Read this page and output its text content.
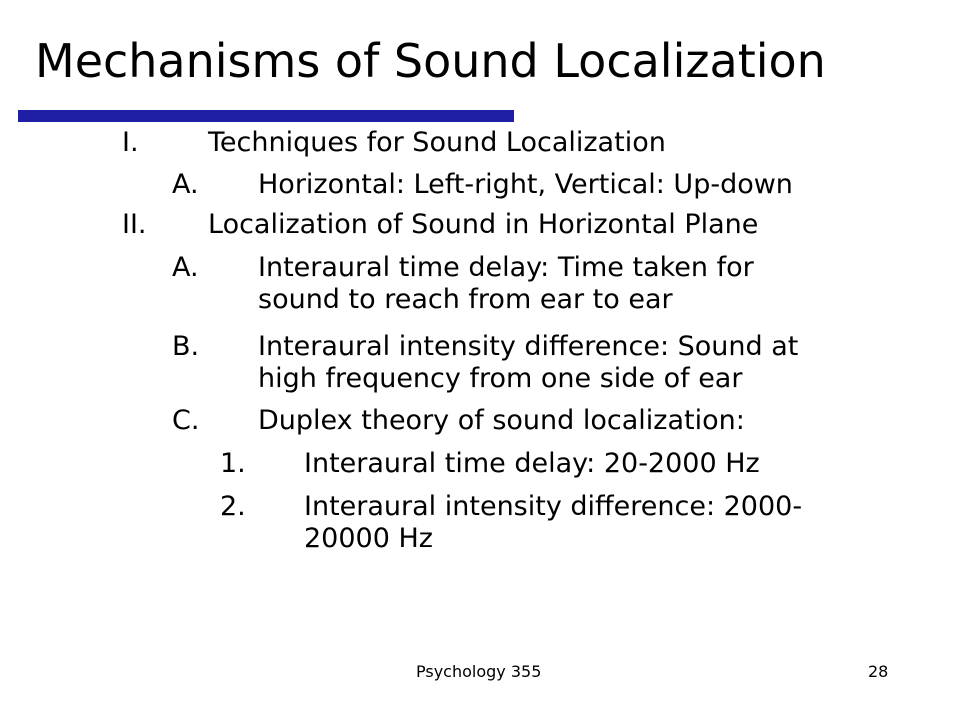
Mechanisms of Sound Localization
I.	Techniques for Sound Localization
A. Horizontal: Left-right, Vertical: Up-down
II. Localization of Sound in Horizontal Plane
A. Interaural time delay: Time taken for
sound to reach from ear to ear
B. Interaural intensity difference: Sound at
high frequency from one side of ear
C. Duplex theory of sound localization:
1. Interaural time delay: 20-2000 Hz
2. Interaural intensity difference: 2000-
20000 Hz
Psychology 355	28
